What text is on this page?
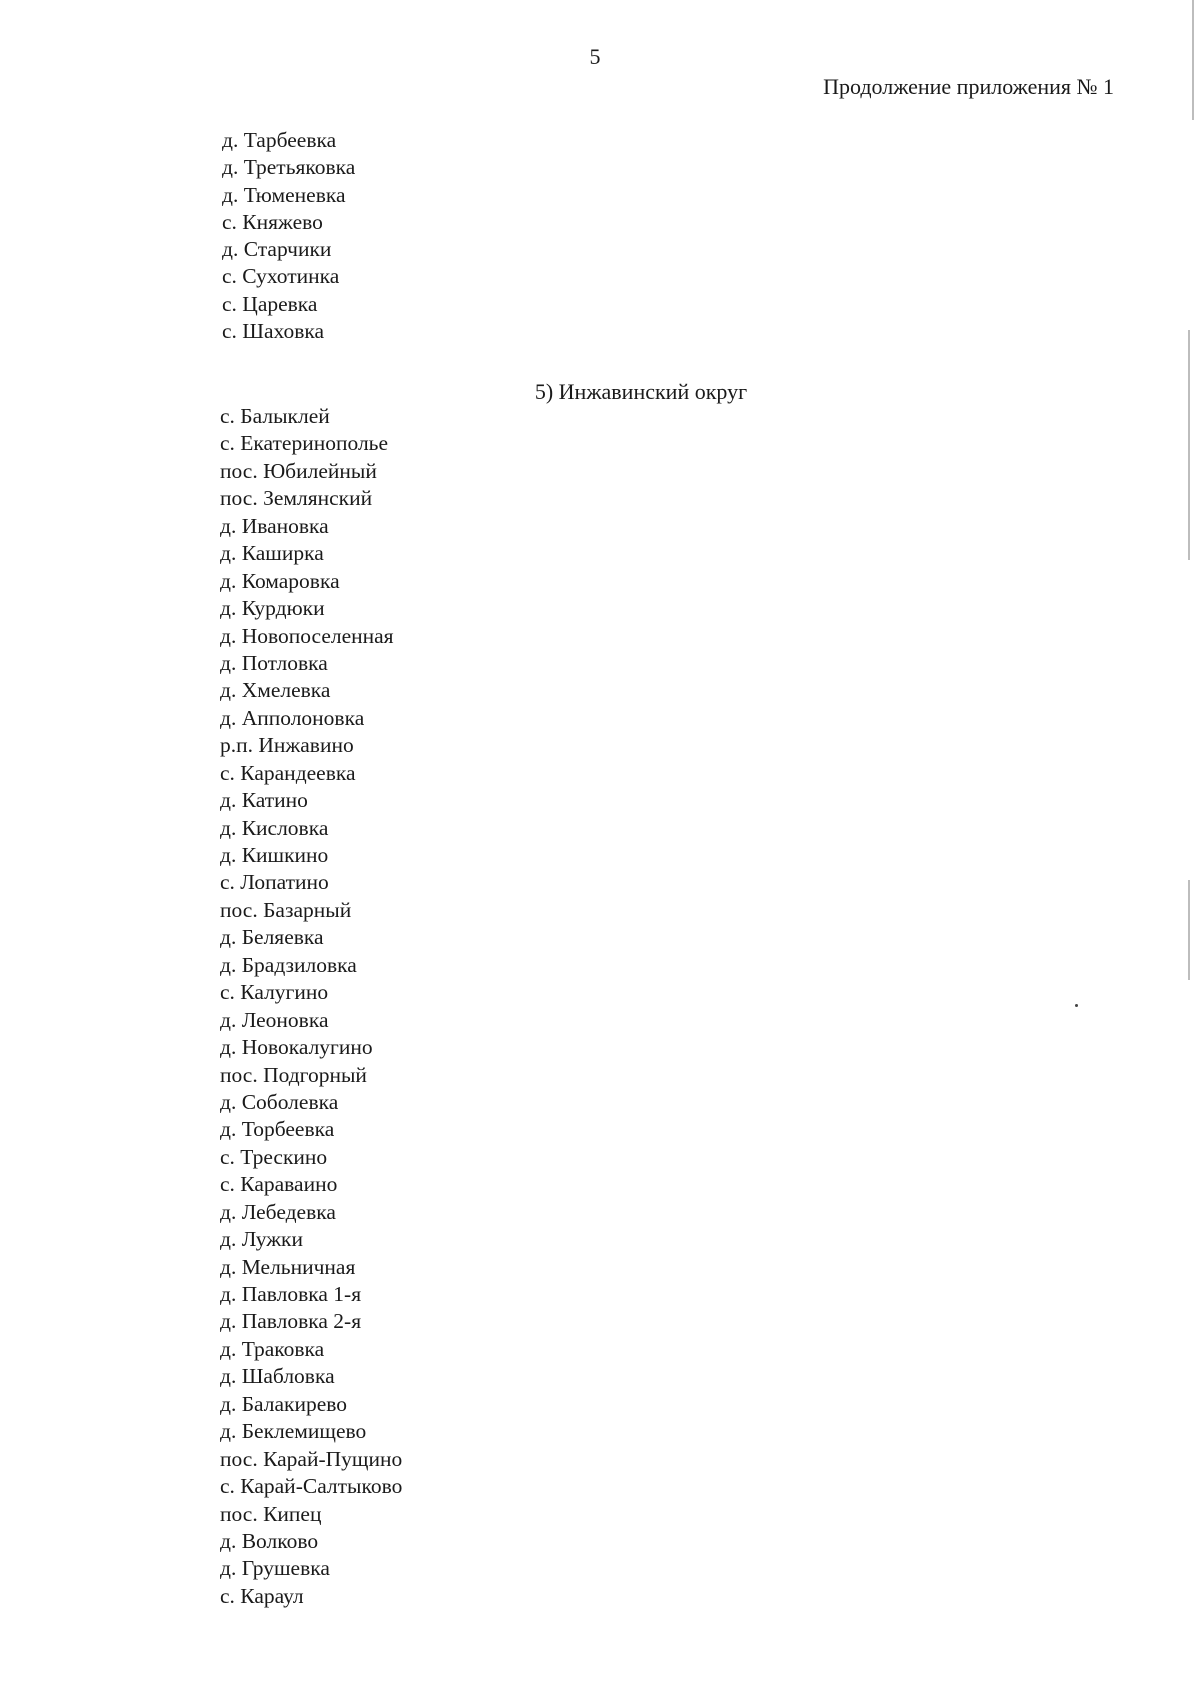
5
Продолжение приложения № 1
д. Тарбеевка
д. Третьяковка
д. Тюменевка
с. Княжево
д. Старчики
с. Сухотинка
с. Царевка
с. Шаховка
5) Инжавинский округ
с. Балыклей
с. Екатеринополье
пос. Юбилейный
пос. Землянский
д. Ивановка
д. Каширка
д. Комаровка
д. Курдюки
д. Новопоселенная
д. Потловка
д. Хмелевка
д. Апполоновка
р.п. Инжавино
с. Карандеевка
д. Катино
д. Кисловка
д. Кишкино
с. Лопатино
пос. Базарный
д. Беляевка
д. Брадзиловка
с. Калугино
д. Леоновка
д. Новокалугино
пос. Подгорный
д. Соболевка
д. Торбеевка
с. Трескино
с. Караваино
д. Лебедевка
д. Лужки
д. Мельничная
д. Павловка 1-я
д. Павловка 2-я
д. Траковка
д. Шабловка
д. Балакирево
д. Беклемищево
пос. Карай-Пущино
с. Карай-Салтыково
пос. Кипец
д. Волково
д. Грушевка
с. Караул
